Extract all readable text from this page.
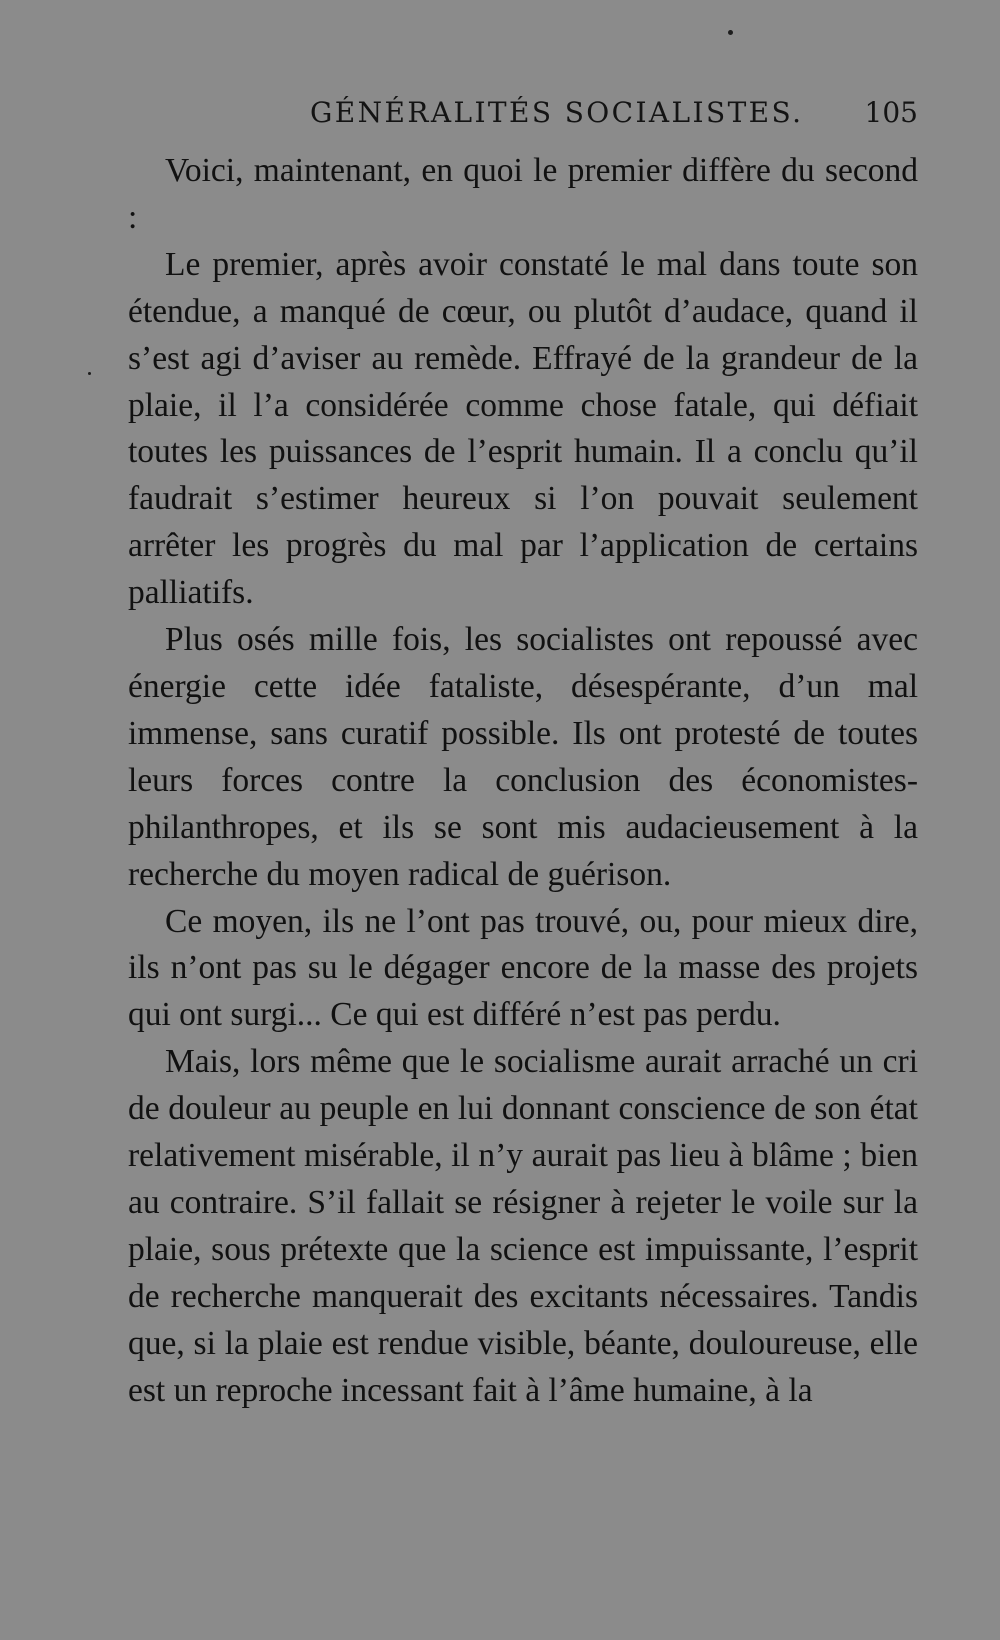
GÉNÉRALITÉS SOCIALISTES. 105

Voici, maintenant, en quoi le premier diffère du second :

Le premier, après avoir constaté le mal dans toute son étendue, a manqué de cœur, ou plutôt d’audace, quand il s’est agi d’aviser au remède. Effrayé de la grandeur de la plaie, il l’a considérée comme chose fatale, qui défiait toutes les puissances de l’esprit humain. Il a conclu qu’il faudrait s’estimer heureux si l’on pouvait seulement arrêter les progrès du mal par l’application de certains palliatifs.

Plus osés mille fois, les socialistes ont repoussé avec énergie cette idée fataliste, désespérante, d’un mal immense, sans curatif possible. Ils ont protesté de toutes leurs forces contre la conclusion des économistes-philanthropes, et ils se sont mis audacieusement à la recherche du moyen radical de guérison.

Ce moyen, ils ne l’ont pas trouvé, ou, pour mieux dire, ils n’ont pas su le dégager encore de la masse des projets qui ont surgi... Ce qui est différé n’est pas perdu.

Mais, lors même que le socialisme aurait arraché un cri de douleur au peuple en lui donnant conscience de son état relativement misérable, il n’y aurait pas lieu à blâme ; bien au contraire. S’il fallait se résigner à rejeter le voile sur la plaie, sous prétexte que la science est impuissante, l’esprit de recherche manquerait des excitants nécessaires. Tandis que, si la plaie est rendue visible, béante, douloureuse, elle est un reproche incessant fait à l’âme humaine, à la
